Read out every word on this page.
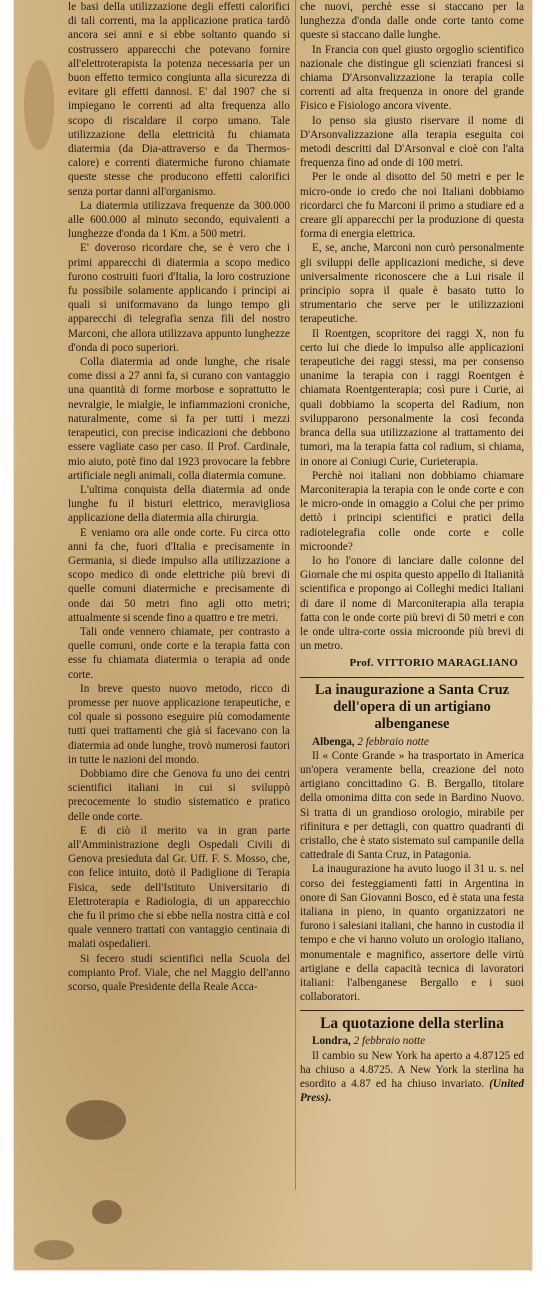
le basi della utilizzazione degli effetti calorifici di tali correnti, ma la applicazione pratica tardò ancora sei anni e si ebbe soltanto quando si costrussero apparecchi che potevano fornire all'elettroterapista la potenza necessaria per un buon effetto termico congiunta alla sicurezza di evitare gli effetti dannosi. E' dal 1907 che si impiegano le correnti ad alta frequenza allo scopo di riscaldare il corpo umano. Tale utilizzazione della elettricità fu chiamata diatermia (da Dia-attraverso e da Thermos-calore) e correnti diatermiche furono chiamate queste stesse che producono effetti calorifici senza portar danni all'organismo.

La diatermia utilizzava frequenze da 300.000 alle 600.000 al minuto secondo, equivalenti a lunghezze d'onda da 1 Km. a 500 metri.

E' doveroso ricordare che, se è vero che i primi apparecchi di diatermia a scopo medico furono costruiti fuori d'Italia, la loro costruzione fu possibile solamente applicando i principi ai quali si uniformavano da lungo tempo gli apparecchi di telegrafia senza fili del nostro Marconi, che allora utilizzava appunto lunghezze d'onda di poco superiori.

Colla diatermia ad onde lunghe, che risale come dissi a 27 anni fa, si curano con vantaggio una quantità di forme morbose e soprattutto le nevralgie, le mialgie, le infiammazioni croniche, naturalmente, come si fa per tutti i mezzi terapeutici, con precise indicazioni che debbono essere vagliate caso per caso. Il Prof. Cardinale, mio aiuto, potè fino dal 1923 provocare la febbre artificiale negli animali, colla diatermia comune.

L'ultima conquista della diatermia ad onde lunghe fu il bisturi elettrico, meravigliosa applicazione della diatermia alla chirurgia.

E veniamo ora alle onde corte. Fu circa otto anni fa che, fuori d'Italia e precisamente in Germania, si diede impulso alla utilizzazione a scopo medico di onde elettriche più brevi di quelle comuni diatermiche e precisamente di onde dai 50 metri fino agli otto metri; attualmente si scende fino a quattro e tre metri.

Tali onde vennero chiamate, per contrasto a quelle comuni, onde corte e la terapia fatta con esse fu chiamata diatermia o terapia ad onde corte.

In breve questo nuovo metodo, ricco di promesse per nuove applicazione terapeutiche, e col quale si possono eseguire più comodamente tutti quei trattamenti che già si facevano con la diatermia ad onde lunghe, trovò numerosi fautori in tutte le nazioni del mondo.

Dobbiamo dire che Genova fu uno dei centri scientifici italiani in cui si sviluppò precocemente lo studio sistematico e pratico delle onde corte.

E di ciò il merito va in gran parte all'Amministrazione degli Ospedali Civili di Genova presieduta dal Gr. Uff. F. S. Mosso, che, con felice intuito, dotò il Padiglione di Terapia Fisica, sede dell'Istituto Universitario di Elettroterapia e Radiologia, di un apparecchio che fu il primo che si ebbe nella nostra città e col quale vennero trattati con vantaggio centinaia di malati ospedalieri.

Si fecero studi scientifici nella Scuola del compianto Prof. Viale, che nel Maggio dell'anno scorso, quale Presidente della Reale Acca-

che nuovi, perchè esse si staccano per la lunghezza d'onda dalle onde corte tanto come queste si staccano dalle lunghe.

In Francia con quel giusto orgoglio scientifico nazionale che distingue gli scienziati francesi si chiama D'Arsonvalizzazione la terapia colle correnti ad alta frequenza in onore del grande Fisico e Fisiologo ancora vivente.

Io penso sia giusto riservare il nome di D'Arsonvalizzazione alla terapia eseguita coi metodi descritti dal D'Arsonval e cioè con l'alta frequenza fino ad onde di 100 metri.

Per le onde al disotto del 50 metri e per le micro-onde io credo che noi Italiani dobbiamo ricordarci che fu Marconi il primo a studiare ed a creare gli apparecchi per la produzione di questa forma di energia elettrica.

E, se, anche, Marconi non curò personalmente gli sviluppi delle applicazioni mediche, si deve universalmente riconoscere che a Lui risale il principio sopra il quale è basato tutto lo strumentario che serve per le utilizzazioni terapeutiche.

Il Roentgen, scopritore dei raggi X, non fu certo lui che diede lo impulso alle applicazioni terapeutiche dei raggi stessi, ma per consenso unanime la terapia con i raggi Roentgen è chiamata Roentgenterapia; così pure i Curie, ai quali dobbiamo la scoperta del Radium, non svilupparono personalmente la così feconda branca della sua utilizzazione al trattamento dei tumori, ma la terapia fatta col radium, si chiama, in onore ai Coniugi Curie, Curieterapia.

Perchè noi italiani non dobbiamo chiamare Marconiterapia la terapia con le onde corte e con le micro-onde in omaggio a Colui che per primo dettò i principi scientifici e pratici della radiotelegrafia colle onde corte e colle microonde?

Io ho l'onore di lanciare dalle colonne del Giornale che mi ospita questo appello di Italianità scientifica e propongo ai Colleghi medici Italiani di dare il nome di Marconiterapia alla terapia fatta con le onde corte più brevi di 50 metri e con le onde ultra-corte ossia microonde più brevi di un metro.

Prof. VITTORIO MARAGLIANO
La inaugurazione a Santa Cruz dell'opera di un artigiano albenganese

Albenga, 2 febbraio notte

Il « Conte Grande » ha trasportato in America un'opera veramente bella, creazione del noto artigiano concittadino G. B. Bergallo, titolare della omonima ditta con sede in Bardino Nuovo. Si tratta di un grandioso orologio, mirabile per rifinitura e per dettagli, con quattro quadranti di cristallo, che è stato sistemato sul campanile della cattedrale di Santa Cruz, in Patagonia.

La inaugurazione ha avuto luogo il 31 u. s. nel corso dei festeggiamenti fatti in Argentina in onore di San Giovanni Bosco, ed è stata una festa italiana in pieno, in quanto organizzatori ne furono i salesiani italiani, che hanno in custodia il tempo e che vi hanno voluto un orologio italiano, monumentale e magnifico, assertore delle virtù artigiane e della capacità tecnica di lavoratori italiani: l'albenganese Bergallo e i suoi collaboratori.

La quotazione della sterlina

Londra, 2 febbraio notte

Il cambio su New York ha aperto a 4.87125 ed ha chiuso a 4.8725. A New York la sterlina ha esordito a 4.87 ed ha chiuso invariato. (United Press).
